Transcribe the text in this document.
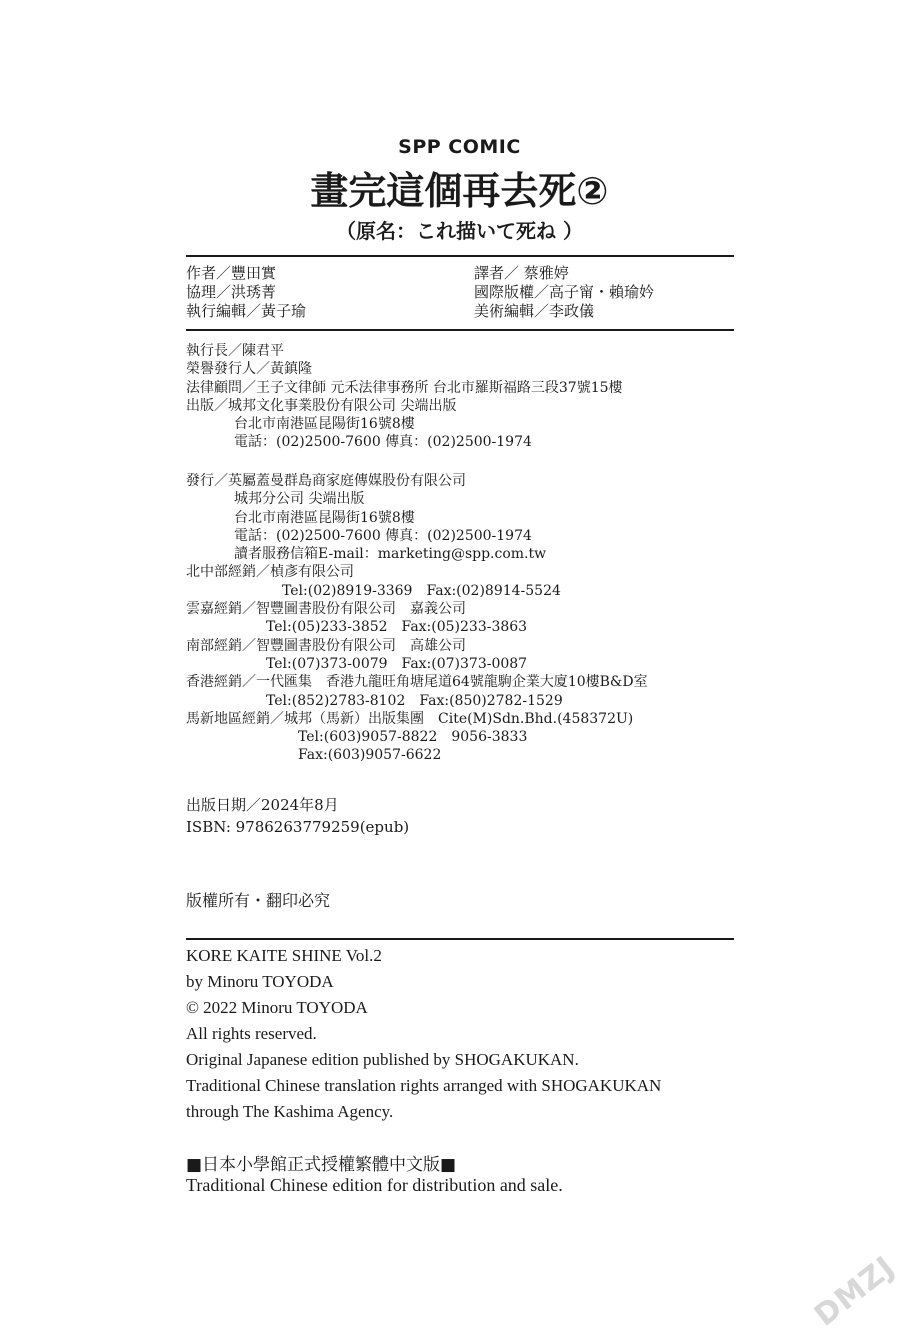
SPP COMIC
畫完這個再去死②
（原名：これ描いて死ね ）
作者／豐田實
協理／洪琇菁
執行編輯／黃子瑜
譯者／ 蔡雅婷
國際版權／高子甯・賴瑜妗
美術編輯／李政儀
執行長／陳君平
榮譽發行人／黃鎮隆
法律顧問／王子文律師 元禾法律事務所 台北市羅斯福路三段37號15樓
出版／城邦文化事業股份有限公司 尖端出版
台北市南港區昆陽街16號8樓
電話：(02)2500-7600 傳真：(02)2500-1974
發行／英屬蓋曼群島商家庭傳媒股份有限公司
城邦分公司 尖端出版
台北市南港區昆陽街16號8樓
電話：(02)2500-7600 傳真：(02)2500-1974
讀者服務信箱E-mail：marketing@spp.com.tw
北中部經銷／楨彥有限公司
Tel:(02)8919-3369　Fax:(02)8914-5524
雲嘉經銷／智豐圖書股份有限公司　嘉義公司
Tel:(05)233-3852　Fax:(05)233-3863
南部經銷／智豐圖書股份有限公司　高雄公司
Tel:(07)373-0079　Fax:(07)373-0087
香港經銷／一代匯集　香港九龍旺角塘尾道64號龍駒企業大廈10樓B&D室
Tel:(852)2783-8102　Fax:(850)2782-1529
馬新地區經銷／城邦（馬新）出版集團　Cite(M)Sdn.Bhd.(458372U)
Tel:(603)9057-8822　9056-3833
Fax:(603)9057-6622
出版日期／2024年8月
ISBN: 9786263779259(epub)
版權所有・翻印必究
KORE KAITE SHINE Vol.2
by Minoru TOYODA
© 2022 Minoru TOYODA
All rights reserved.
Original Japanese edition published by SHOGAKUKAN.
Traditional Chinese translation rights arranged with SHOGAKUKAN
through The Kashima Agency.
■日本小學館正式授權繁體中文版■
Traditional Chinese edition for distribution and sale.
DMZJ
